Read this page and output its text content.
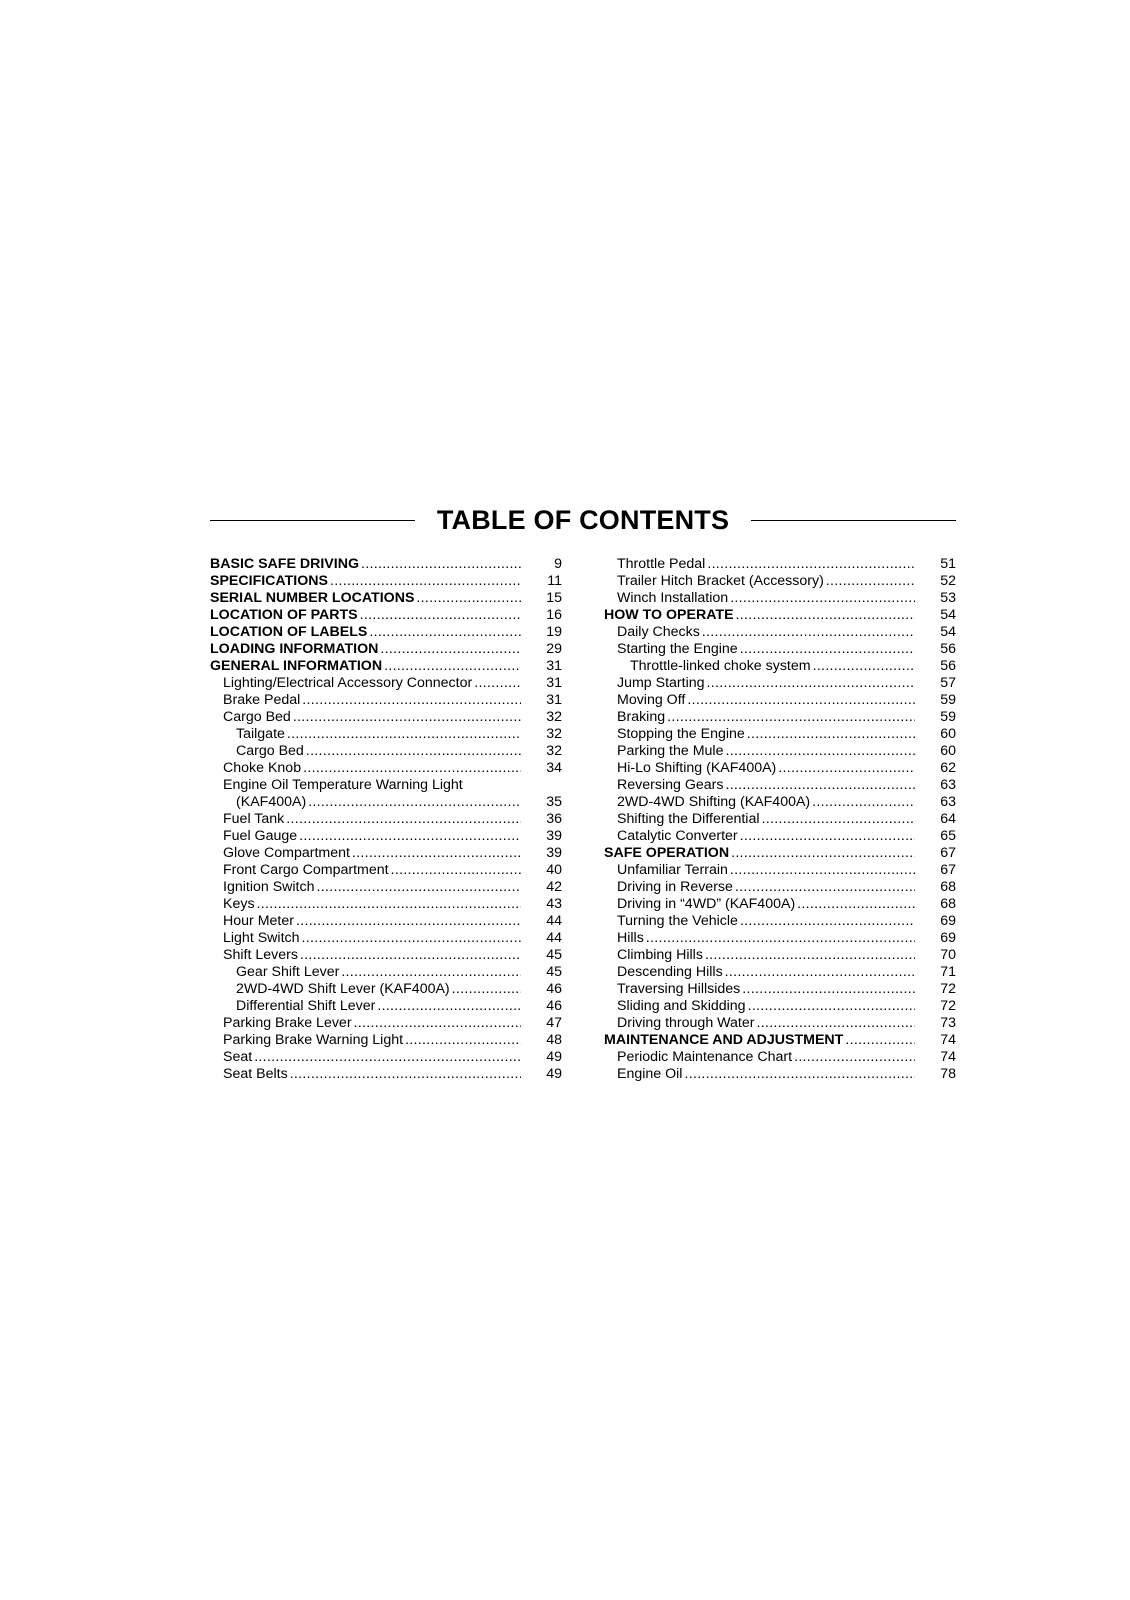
TABLE OF CONTENTS
BASIC SAFE DRIVING .....	9
SPECIFICATIONS .....	11
SERIAL NUMBER LOCATIONS .....	15
LOCATION OF PARTS .....	16
LOCATION OF LABELS .....	19
LOADING INFORMATION .....	29
GENERAL INFORMATION .....	31
Lighting/Electrical Accessory Connector .....	31
Brake Pedal .....	31
Cargo Bed .....	32
Tailgate .....	32
Cargo Bed .....	32
Choke Knob .....	34
Engine Oil Temperature Warning Light
(KAF400A) .....	35
Fuel Tank .....	36
Fuel Gauge .....	39
Glove Compartment .....	39
Front Cargo Compartment .....	40
Ignition Switch .....	42
Keys .....	43
Hour Meter .....	44
Light Switch .....	44
Shift Levers .....	45
Gear Shift Lever .....	45
2WD-4WD Shift Lever (KAF400A) .....	46
Differential Shift Lever .....	46
Parking Brake Lever .....	47
Parking Brake Warning Light .....	48
Seat .....	49
Seat Belts .....	49
Throttle Pedal .....	51
Trailer Hitch Bracket (Accessory) .....	52
Winch Installation .....	53
HOW TO OPERATE .....	54
Daily Checks .....	54
Starting the Engine .....	56
Throttle-linked choke system .....	56
Jump Starting .....	57
Moving Off .....	59
Braking .....	59
Stopping the Engine .....	60
Parking the Mule .....	60
Hi-Lo Shifting (KAF400A) .....	62
Reversing Gears .....	63
2WD-4WD Shifting (KAF400A) .....	63
Shifting the Differential .....	64
Catalytic Converter .....	65
SAFE OPERATION .....	67
Unfamiliar Terrain .....	67
Driving in Reverse .....	68
Driving in “4WD” (KAF400A) .....	68
Turning the Vehicle .....	69
Hills .....	69
Climbing Hills .....	70
Descending Hills .....	71
Traversing Hillsides .....	72
Sliding and Skidding .....	72
Driving through Water .....	73
MAINTENANCE AND ADJUSTMENT .....	74
Periodic Maintenance Chart .....	74
Engine Oil .....	78
